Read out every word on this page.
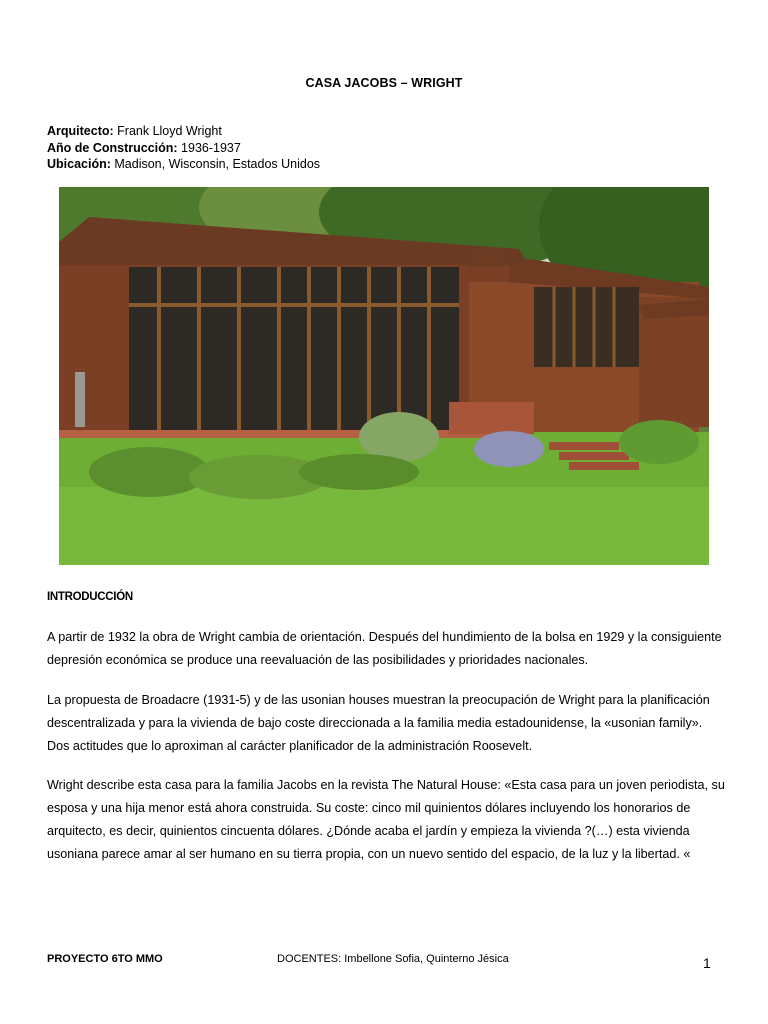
CASA JACOBS – WRIGHT
Arquitecto: Frank Lloyd Wright
Año de Construcción: 1936-1937
Ubicación: Madison, Wisconsin, Estados Unidos
INTRODUCCIÓN

A partir de 1932 la obra de Wright cambia de orientación. Después del hundimiento de la bolsa en 1929 y la consiguiente depresión económica se produce una reevaluación de las posibilidades y prioridades nacionales.

La propuesta de Broadacre (1931-5) y de las usonian houses muestran la preocupación de Wright para la planificación descentralizada y para la vivienda de bajo coste direccionada a la familia media estadounidense, la «usonian family». Dos actitudes que lo aproximan al carácter planificador de la administración Roosevelt.

Wright describe esta casa para la familia Jacobs en la revista The Natural House: «Esta casa para un joven periodista, su esposa y una hija menor está ahora construida. Su coste: cinco mil quinientos dólares incluyendo los honorarios de arquitecto, es decir, quinientos cincuenta dólares. ¿Dónde acaba el jardín y empieza la vivienda ?(…) esta vivienda usoniana parece amar al ser humano en su tierra propia, con un nuevo sentido del espacio, de la luz y la libertad. «

PROYECTO 6TO MMO	DOCENTES: Imbellone Sofia, Quinterno Jésica	1
